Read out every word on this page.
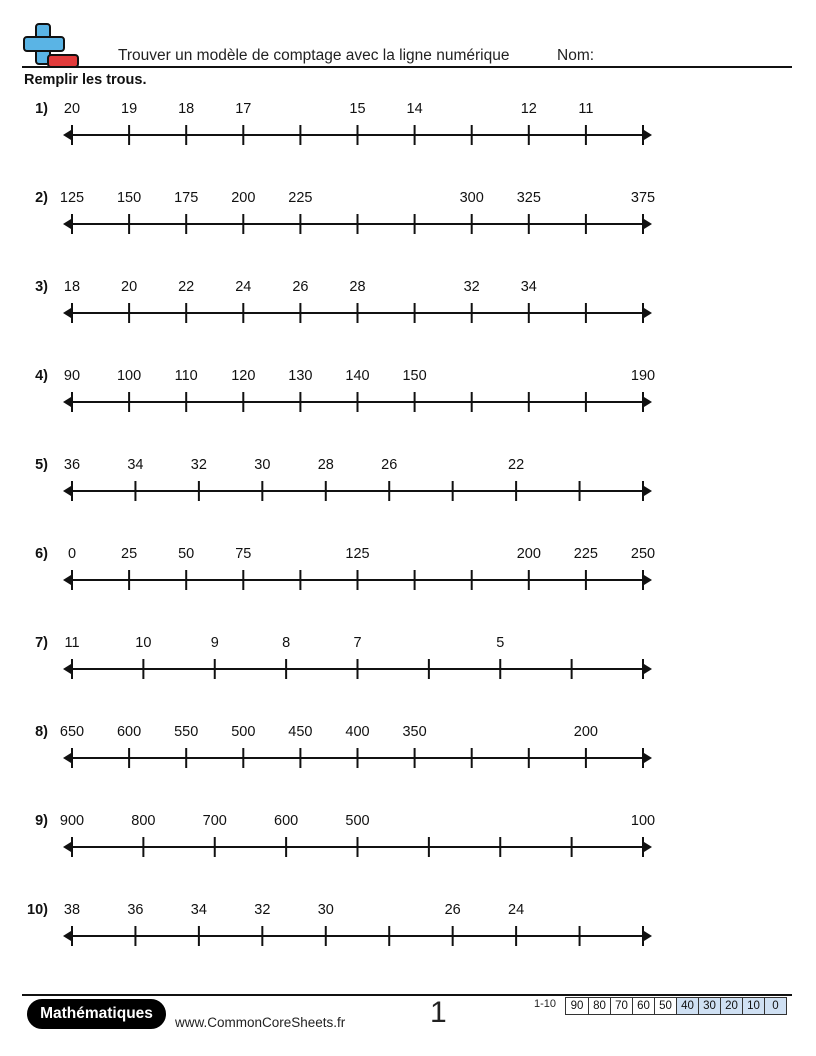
Trouver un modèle de comptage avec la ligne numérique	Nom:
Remplir les trous.
1) 20	19	18	17	15	14	12	11
2) 125 150 175 200 225	300 325	375
3) 18	20	22	24	26	28	32	34
4) 90	100 110 120 130 140 150	190
5) 36	34	32	30	28	26	22
6) 0	25	50	75	125	200 225 250
7) 11	10	9	8	7	5
8) 650 600 550 500 450 400 350	200
9) 900	800	700	600	500	100
10) 38	36	34	32	30	26	24
Mathématiques
www.CommonCoreSheets.fr	1	1-10	90 80 70 60 50 40 30 20 10	0
